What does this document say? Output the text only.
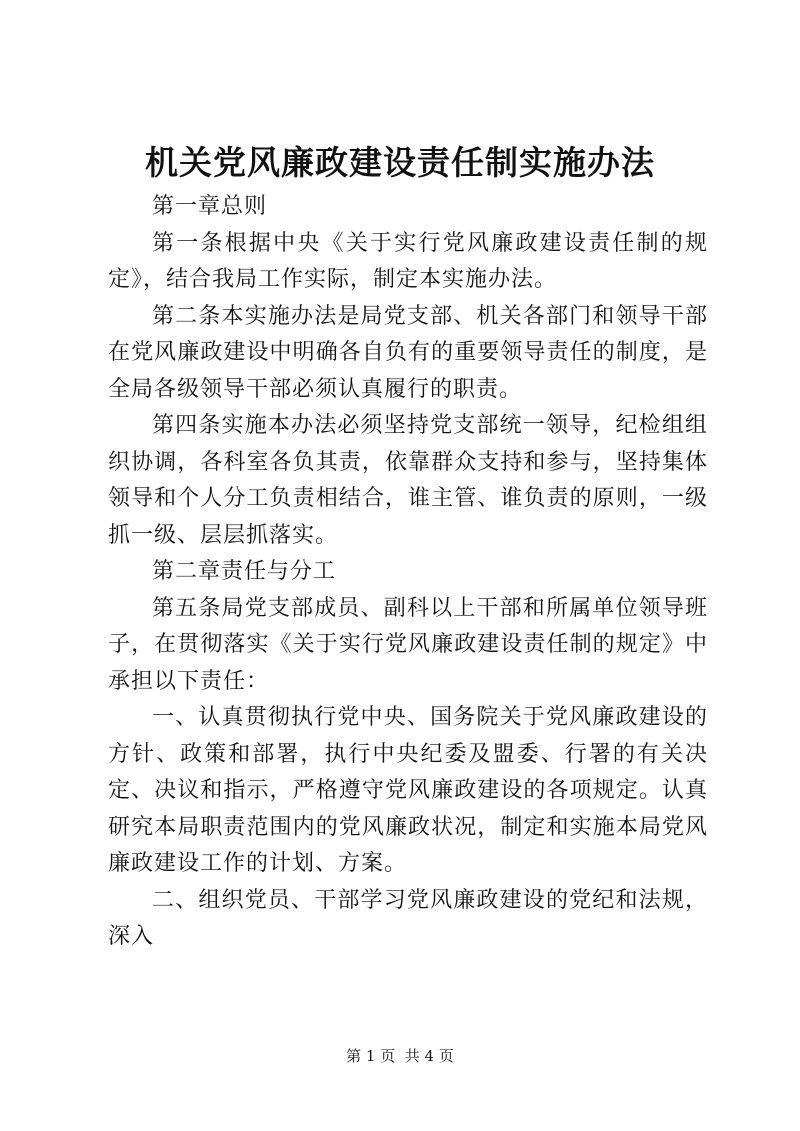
机关党风廉政建设责任制实施办法

第一章总则

第一条根据中央《关于实行党风廉政建设责任制的规定》，结合我局工作实际，制定本实施办法。

第二条本实施办法是局党支部、机关各部门和领导干部在党风廉政建设中明确各自负有的重要领导责任的制度，是全局各级领导干部必须认真履行的职责。

第四条实施本办法必须坚持党支部统一领导，纪检组组织协调，各科室各负其责，依靠群众支持和参与，坚持集体领导和个人分工负责相结合，谁主管、谁负责的原则，一级抓一级、层层抓落实。

第二章责任与分工

第五条局党支部成员、副科以上干部和所属单位领导班子，在贯彻落实《关于实行党风廉政建设责任制的规定》中承担以下责任：

一、认真贯彻执行党中央、国务院关于党风廉政建设的方针、政策和部署，执行中央纪委及盟委、行署的有关决定、决议和指示，严格遵守党风廉政建设的各项规定。认真研究本局职责范围内的党风廉政状况，制定和实施本局党风廉政建设工作的计划、方案。

二、组织党员、干部学习党风廉政建设的党纪和法规，深入

第 1 页  共 4 页
